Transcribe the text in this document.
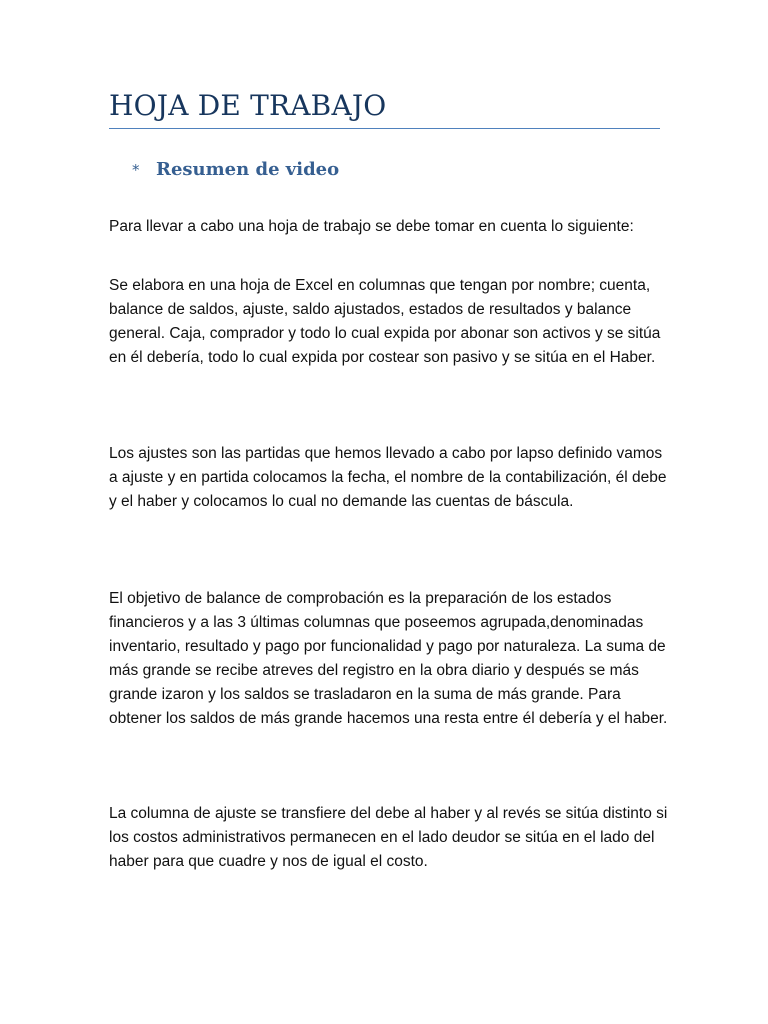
HOJA DE TRABAJO
* Resumen de video

Para llevar a cabo una hoja de trabajo se debe tomar en cuenta lo siguiente:

Se elabora en una hoja de Excel en columnas que tengan por nombre; cuenta, balance de saldos, ajuste, saldo ajustados, estados de resultados y balance general. Caja, comprador y todo lo cual expida por abonar son activos y se sitúa en él debería, todo lo cual expida por costear son pasivo y se sitúa en el Haber.

Los ajustes son las partidas que hemos llevado a cabo por lapso definido vamos a ajuste y en partida colocamos la fecha, el nombre de la contabilización, él debe y el haber y colocamos lo cual no demande las cuentas de báscula.

El objetivo de balance de comprobación es la preparación de los estados financieros y a las 3 últimas columnas que poseemos agrupada,denominadas inventario, resultado y pago por funcionalidad y pago por naturaleza. La suma de más grande se recibe atreves del registro en la obra diario y después se más grande izaron y los saldos se trasladaron en la suma de más grande. Para obtener los saldos de más grande hacemos una resta entre él debería y el haber.

La columna de ajuste se transfiere del debe al haber y al revés se sitúa distinto si los costos administrativos permanecen en el lado deudor se sitúa en el lado del haber para que cuadre y nos de igual el costo.
